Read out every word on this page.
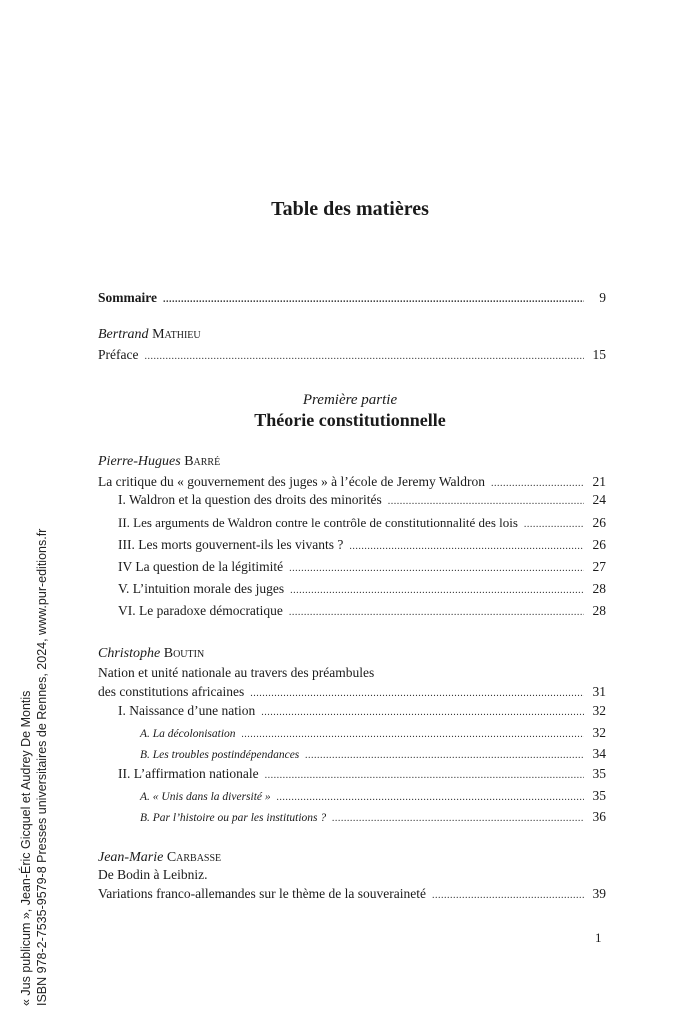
Table des matières
Sommaire .....	9
Bertrand Mathieu
Préface .....	15
Première partie
Théorie constitutionnelle
Pierre-Hugues Barré
La critique du « gouvernement des juges » à l’école de Jeremy Waldron .....	21
I. Waldron et la question des droits des minorités .....	24
II. Les arguments de Waldron contre le contrôle de constitutionnalité des lois .....	26
III. Les morts gouvernent-ils les vivants ? .....	26
IV La question de la légitimité .....	27
V. L’intuition morale des juges .....	28
VI. Le paradoxe démocratique .....	28
Christophe Boutin
Nation et unité nationale au travers des préambules
des constitutions africaines .....	31
I. Naissance d’une nation .....	32
A. La décolonisation .....	32
B. Les troubles postindépendances .....	34
II. L’affirmation nationale .....	35
A. « Unis dans la diversité » .....	35
B. Par l’histoire ou par les institutions ? .....	36
Jean-Marie Carbasse
De Bodin à Leibniz.
Variations franco-allemandes sur le thème de la souveraineté .....	39
1
« Jus publicum », Jean-Éric Gicquel et Audrey De Montis ISBN 978-2-7535-9579-8 Presses universitaires de Rennes, 2024, www.pur-editions.fr
